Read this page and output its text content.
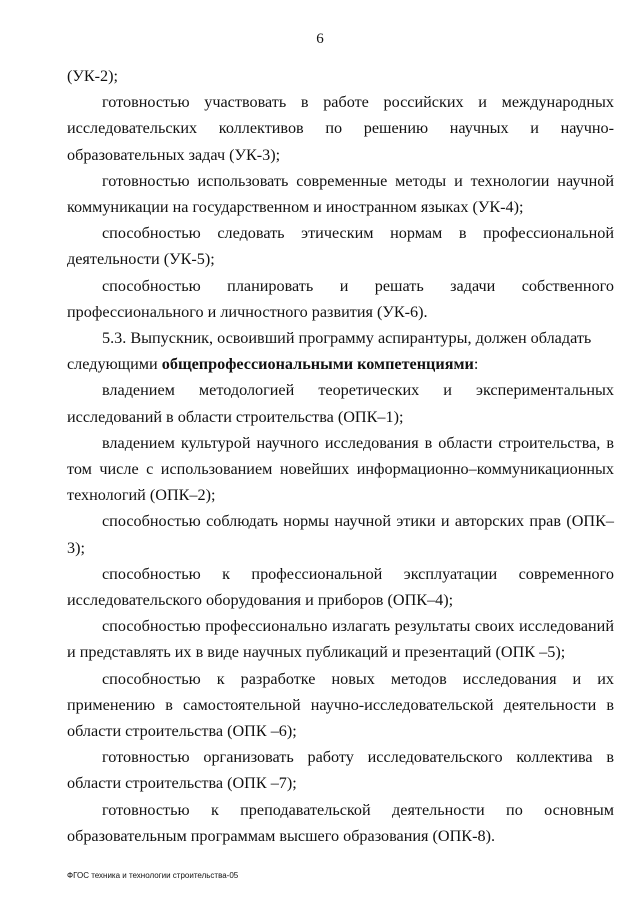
6

(УК-2);

готовностью участвовать в работе российских и международных

исследовательских коллективов по решению научных и научно-образовательных задач (УК-3);

готовностью использовать современные методы и технологии научной коммуникации на государственном и иностранном языках (УК-4);

способностью следовать этическим нормам в профессиональной деятельности (УК-5);

способностью планировать и решать задачи собственного профессионального и личностного развития (УК-6).

5.3. Выпускник, освоивший программу аспирантуры, должен обладать

следующими общепрофессиональными компетенциями:

владением методологией теоретических и экспериментальных исследований в области строительства (ОПК–1);

владением культурой научного исследования в области строительства, в том числе с использованием новейших информационно–коммуникационных технологий (ОПК–2);

способностью соблюдать нормы научной этики и авторских прав (ОПК–3);

способностью к профессиональной эксплуатации современного

исследовательского оборудования и приборов (ОПК–4);

способностью профессионально излагать результаты своих исследований и представлять их в виде научных публикаций и презентаций (ОПК –5);

способностью к разработке новых методов исследования и их применению в самостоятельной научно-исследовательской деятельности в области строительства (ОПК –6);

готовностью организовать работу исследовательского коллектива в области строительства (ОПК –7);

готовностью к преподавательской деятельности по основным

образовательным программам высшего образования (ОПК-8).

ФГОС техника и технологии строительства-05
